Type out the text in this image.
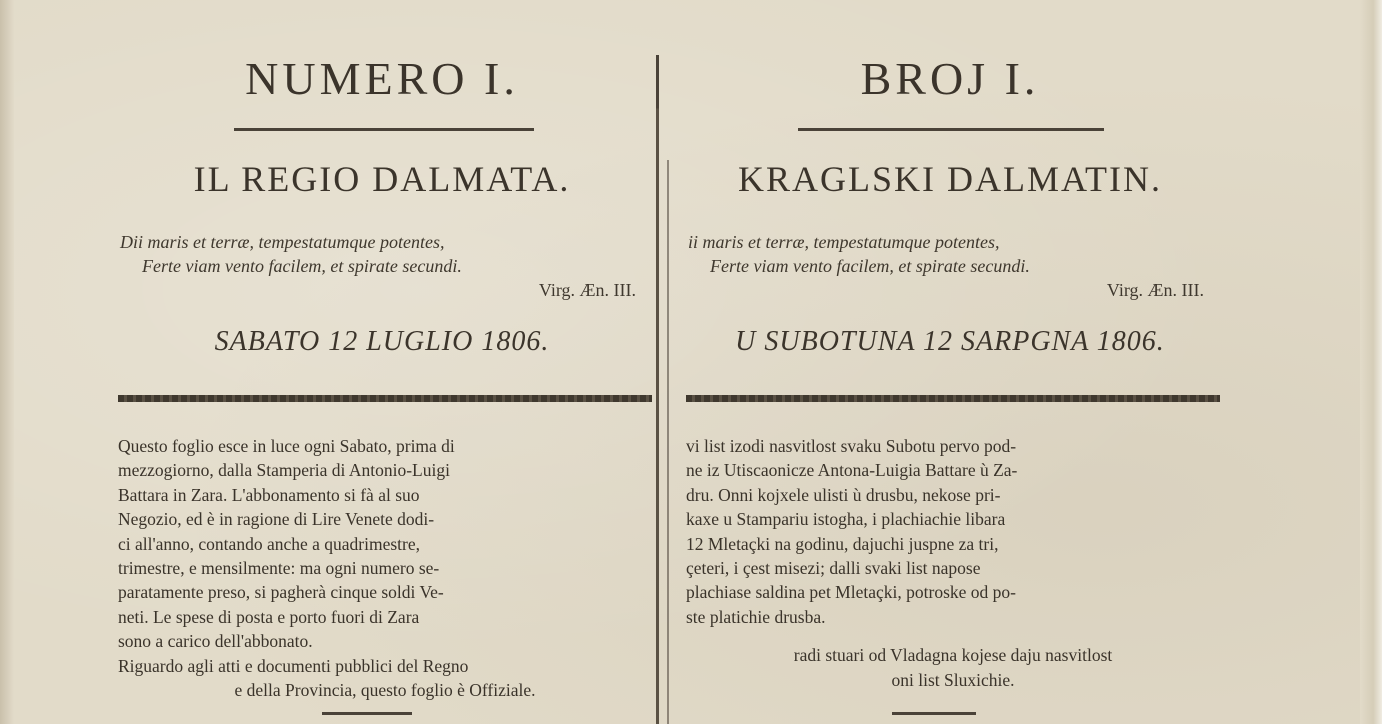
NUMERO I.
IL REGIO DALMATA.
Dii maris et terræ, tempestatumque potentes,
Ferte viam vento facilem, et spirate secundi.
Virg. Æn. III.
SABATO 12 LUGLIO 1806.
Questo foglio esce in luce ogni Sabato, prima di
mezzogiorno, dalla Stamperia di Antonio-Luigi
Battara in Zara. L'abbonamento si fà al suo
Negozio, ed è in ragione di Lire Venete dodi-
ci all'anno, contando anche a quadrimestre,
trimestre, e mensilmente: ma ogni numero se-
paratamente preso, si pagherà cinque soldi Ve-
neti. Le spese di posta e porto fuori di Zara
sono a carico dell'abbonato.
Riguardo agli atti e documenti pubblici del Regno
e della Provincia, questo foglio è Offiziale.
BROJ I.
KRAGLSKI DALMATIN.
ii maris et terræ, tempestatumque potentes,
Ferte viam vento facilem, et spirate secundi.
Virg. Æn. III.
U SUBOTUNA 12 SARPGNA 1806.
vi list izodi nasvitlost svaku Subotu pervo pod-
ne iz Utiscaonicze Antona-Luigia Battare ù Za-
dru. Onni kojxele ulisti ù drusbu, nekose pri-
kaxe u Stampariu istogha, i plachiachie libara
12 Mletaçki na godinu, dajuchi juspne za tri,
çeteri, i çest misezi; dalli svaki list napose
plachiase saldina pet Mletaçki, potroske od po-
ste platichie drusba.
radi stuari od Vladagna kojese daju nasvitlost
oni list Sluxichie.
